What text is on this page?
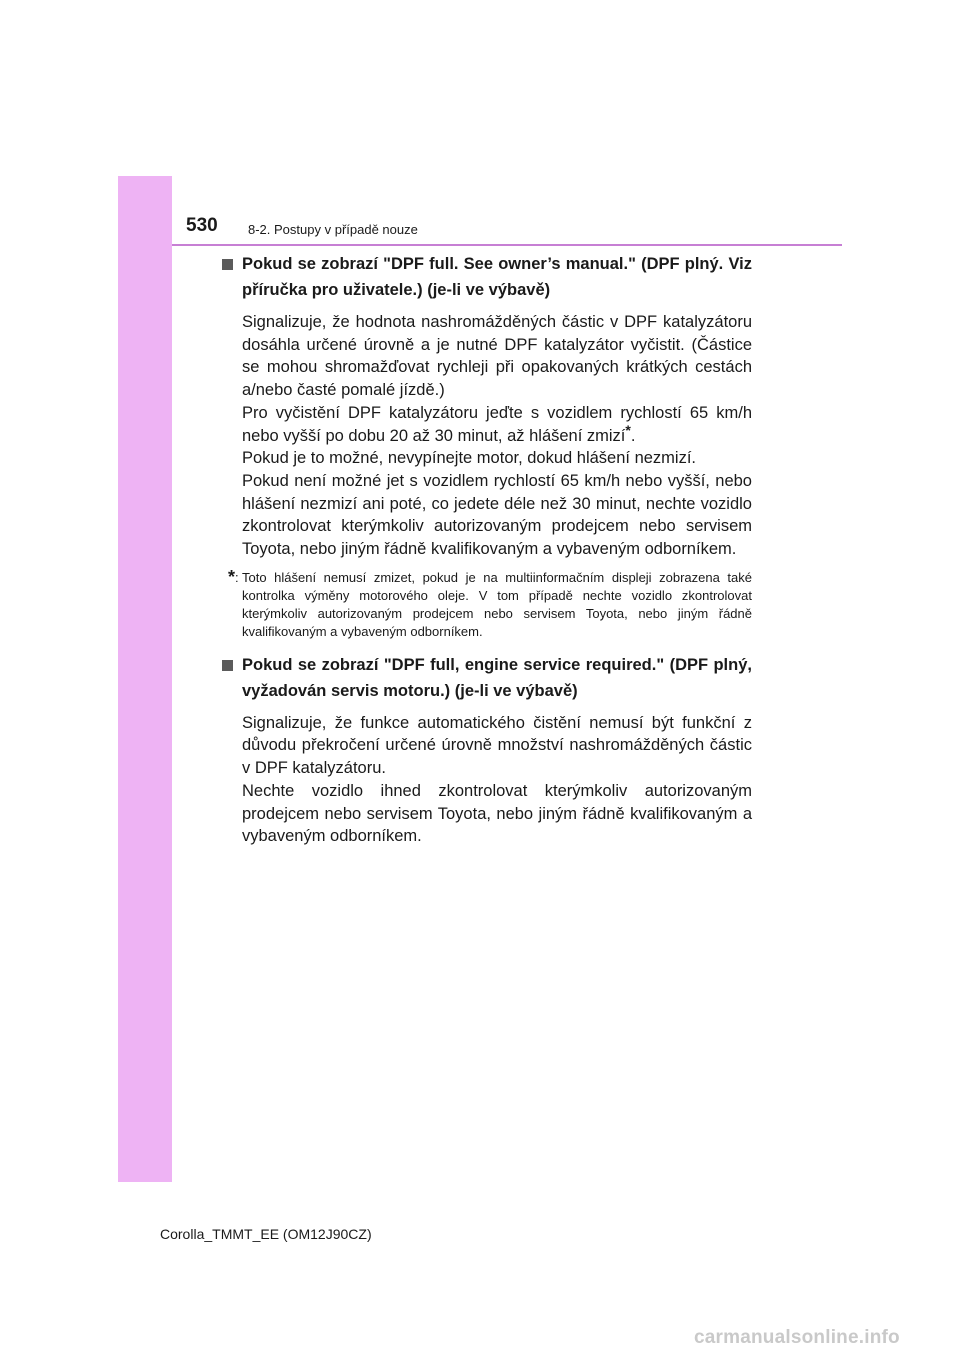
530 8-2. Postupy v případě nouze
Pokud se zobrazí "DPF full. See owner’s manual." (DPF plný. Viz příručka pro uživatele.) (je-li ve výbavě)

Signalizuje, že hodnota nashromážděných částic v DPF katalyzátoru dosáhla určené úrovně a je nutné DPF katalyzátor vyčistit. (Částice se mohou shromažďovat rychleji při opakovaných krátkých cestách a/nebo časté pomalé jízdě.)

Pro vyčistění DPF katalyzátoru jeďte s vozidlem rychlostí 65 km/h nebo vyšší po dobu 20 až 30 minut, až hlášení zmizí*.

Pokud je to možné, nevypínejte motor, dokud hlášení nezmizí.

Pokud není možné jet s vozidlem rychlostí 65 km/h nebo vyšší, nebo hlášení nezmizí ani poté, co jedete déle než 30 minut, nechte vozidlo zkontrolovat kterýmkoliv autorizovaným prodejcem nebo servisem Toyota, nebo jiným řádně kvalifikovaným a vybaveným odborníkem.

* : Toto hlášení nemusí zmizet, pokud je na multiinformačním displeji zobrazena také kontrolka výměny motorového oleje. V tom případě nechte vozidlo zkontrolovat kterýmkoliv autorizovaným prodejcem nebo servisem Toyota, nebo jiným řádně kvalifikovaným a vybaveným odborníkem.

Pokud se zobrazí "DPF full, engine service required." (DPF plný, vyžadován servis motoru.) (je-li ve výbavě)

Signalizuje, že funkce automatického čistění nemusí být funkční z důvodu překročení určené úrovně množství nashromážděných částic v DPF katalyzátoru.

Nechte vozidlo ihned zkontrolovat kterýmkoliv autorizovaným prodejcem nebo servisem Toyota, nebo jiným řádně kvalifikovaným a vybaveným odborníkem.

Corolla_TMMT_EE (OM12J90CZ)
carmanualsonline.info
